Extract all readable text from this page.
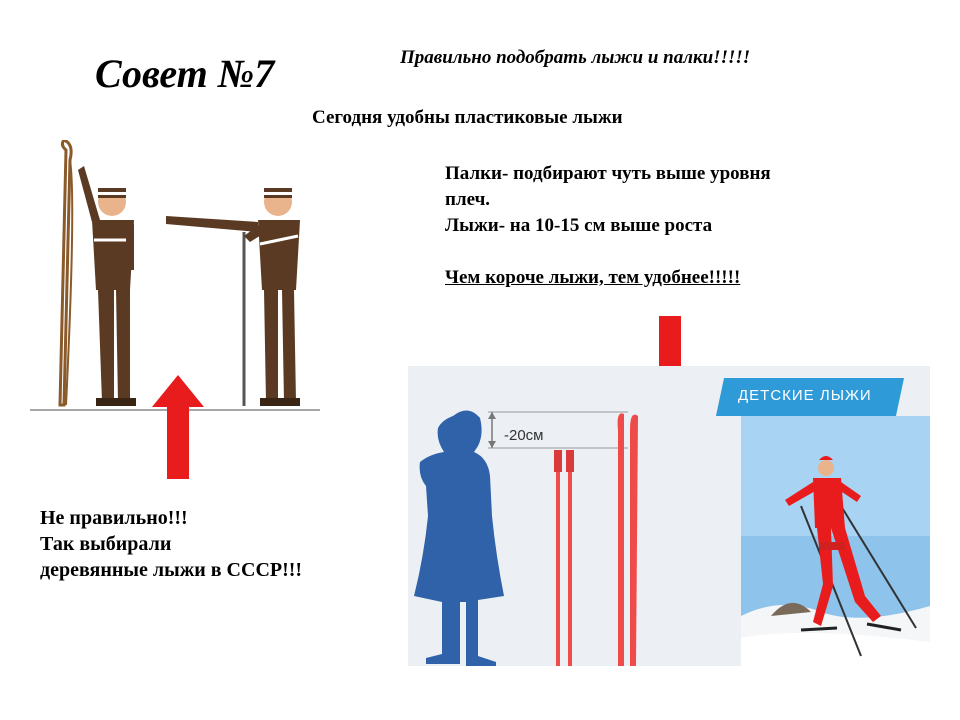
Совет №7	Правильно подобрать лыжи и палки!!!!!
Сегодня удобны пластиковые лыжи
Палки- подбирают чуть выше уровня
плеч.
Лыжи- на 10-15 см выше роста
Чем короче лыжи, тем удобнее!!!!!
Не правильно!!!
Так выбирали
деревянные лыжи в СССР!!!
-20см
ДЕТСКИЕ ЛЫЖИ
